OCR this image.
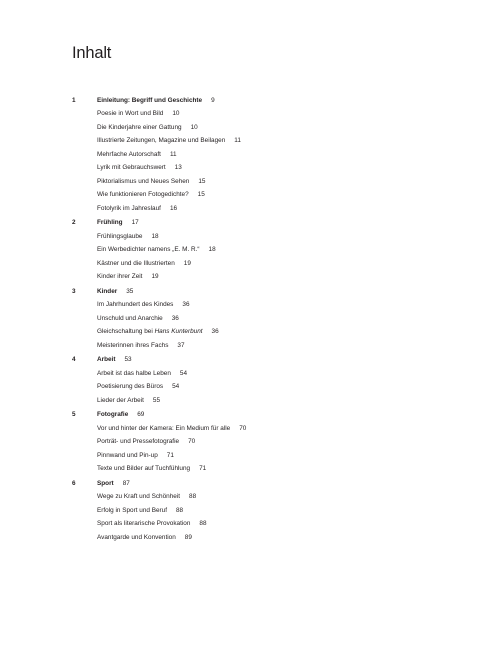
Inhalt
1	Einleitung: Begriff und Geschichte 9
Poesie in Wort und Bild 10
Die Kinderjahre einer Gattung 10
Illustrierte Zeitungen, Magazine und Beilagen 11
Mehrfache Autorschaft 11
Lyrik mit Gebrauchswert 13
Piktorialismus und Neues Sehen 15
Wie funktionieren Fotogedichte? 15
Fotolyrik im Jahreslauf 16
2	Frühling 17
Frühlingsglaube 18
Ein Werbedichter namens „E. M. R.“ 18
Kästner und die Illustrierten 19
Kinder ihrer Zeit 19
3	Kinder 35
Im Jahrhundert des Kindes 36
Unschuld und Anarchie 36
Gleichschaltung bei Hans Kunterbunt 36
Meisterinnen ihres Fachs 37
4	Arbeit 53
Arbeit ist das halbe Leben 54
Poetisierung des Büros 54
Lieder der Arbeit 55
5	Fotografie 69
Vor und hinter der Kamera: Ein Medium für alle 70
Porträt- und Pressefotografie 70
Pinnwand und Pin-up 71
Texte und Bilder auf Tuchfühlung 71
6	Sport 87
Wege zu Kraft und Schönheit 88
Erfolg in Sport und Beruf 88
Sport als literarische Provokation 88
Avantgarde und Konvention 89
